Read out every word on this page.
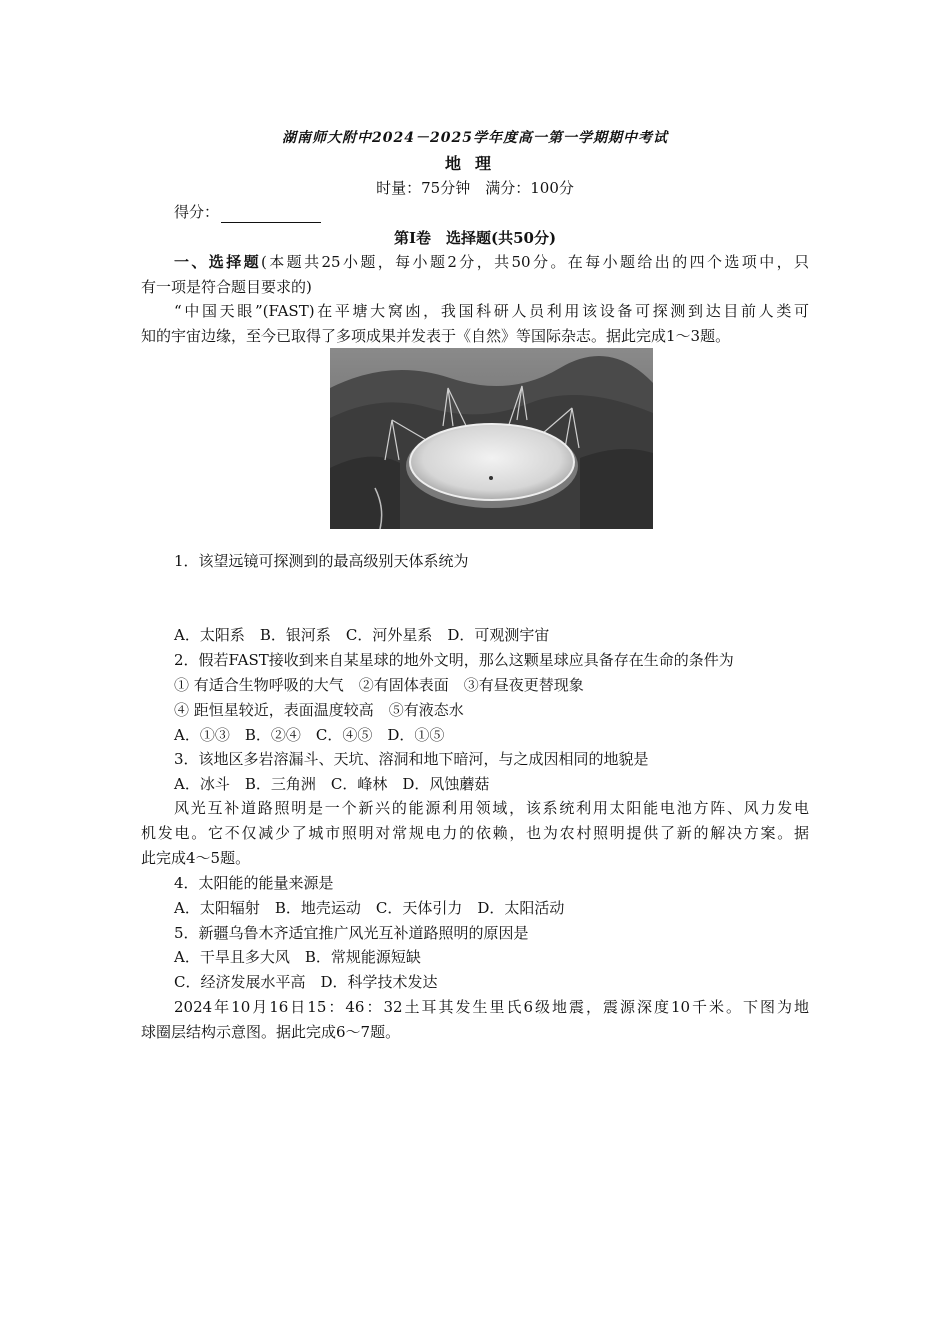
湖南师大附中2024－2025学年度高一第一学期期中考试
地理
时量：75分钟　满分：100分
得分：
第Ⅰ卷　选择题(共50分)
一、选择题(本题共25小题，每小题2分，共50分。在每小题给出的四个选项中，只
有一项是符合题目要求的)
“中国天眼”(FAST)在平塘大窝凼，我国科研人员利用该设备可探测到达目前人类可
知的宇宙边缘，至今已取得了多项成果并发表于《自然》等国际杂志。据此完成1～3题。
1．该望远镜可探测到的最高级别天体系统为
A．太阳系　B．银河系　C．河外星系　D．可观测宇宙
2．假若FAST接收到来自某星球的地外文明，那么这颗星球应具备存在生命的条件为
① 有适合生物呼吸的大气　②有固体表面　③有昼夜更替现象
④ 距恒星较近，表面温度较高　⑤有液态水
A．①③　B．②④　C．④⑤　D．①⑤
3．该地区多岩溶漏斗、天坑、溶洞和地下暗河，与之成因相同的地貌是
A．冰斗　B．三角洲　C．峰林　D．风蚀蘑菇
风光互补道路照明是一个新兴的能源利用领域，该系统利用太阳能电池方阵、风力发电
机发电。它不仅减少了城市照明对常规电力的依赖，也为农村照明提供了新的解决方案。据
此完成4～5题。
4．太阳能的能量来源是
A．太阳辐射　B．地壳运动　C．天体引力　D．太阳活动
5．新疆乌鲁木齐适宜推广风光互补道路照明的原因是
A．干旱且多大风　B．常规能源短缺
C．经济发展水平高　D．科学技术发达
2024年10月16日15：46：32土耳其发生里氏6级地震，震源深度10千米。下图为地
球圈层结构示意图。据此完成6～7题。
